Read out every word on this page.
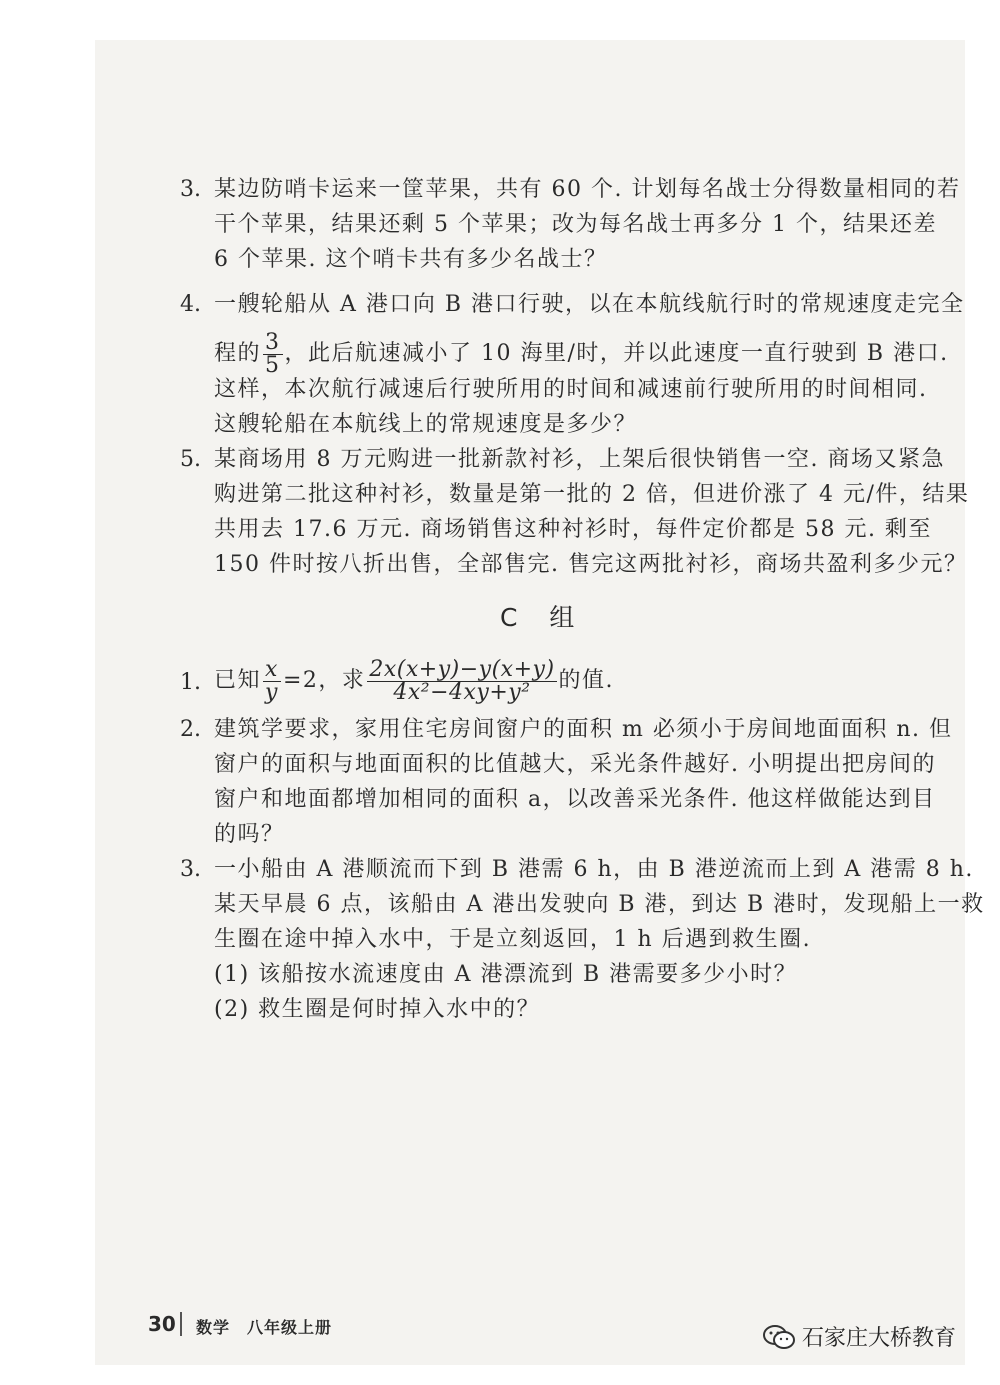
3. 某边防哨卡运来一筐苹果，共有 60 个. 计划每名战士分得数量相同的若
干个苹果，结果还剩 5 个苹果；改为每名战士再多分 1 个，结果还差
6 个苹果. 这个哨卡共有多少名战士？
4. 一艘轮船从 A 港口向 B 港口行驶，以在本航线航行时的常规速度走完全
程的 $\frac{3}{5}$ ，此后航速减小了 10 海里/时，并以此速度一直行驶到 B 港口.
这样，本次航行减速后行驶所用的时间和减速前行驶所用的时间相同.
这艘轮船在本航线上的常规速度是多少？
5. 某商场用 8 万元购进一批新款衬衫，上架后很快销售一空. 商场又紧急
购进第二批这种衬衫，数量是第一批的 2 倍，但进价涨了 4 元/件，结果
共用去 17.6 万元. 商场销售这种衬衫时，每件定价都是 58 元. 剩至
150 件时按八折出售，全部售完. 售完这两批衬衫，商场共盈利多少元？
C 组
1. 已知 $\frac{x}{y} =2$，求 $\frac{2x(x+y)-y(x+y)}{\text{4x²−4xy+y²}}$ 的值.
2. 建筑学要求，家用住宅房间窗户的面积 m 必须小于房间地面面积 n. 但
窗户的面积与地面面积的比值越大，采光条件越好. 小明提出把房间的
窗户和地面都增加相同的面积 a，以改善采光条件. 他这样做能达到目
的吗？
3. 一小船由 A 港顺流而下到 B 港需 6 h，由 B 港逆流而上到 A 港需 8 h.
某天早晨 6 点，该船由 A 港出发驶向 B 港，到达 B 港时，发现船上一救
生圈在途中掉入水中，于是立刻返回，1 h 后遇到救生圈.
(1) 该船按水流速度由 A 港漂流到 B 港需要多少小时？
(2) 救生圈是何时掉入水中的？
30 数学　八年级上册	石家庄大桥教育
